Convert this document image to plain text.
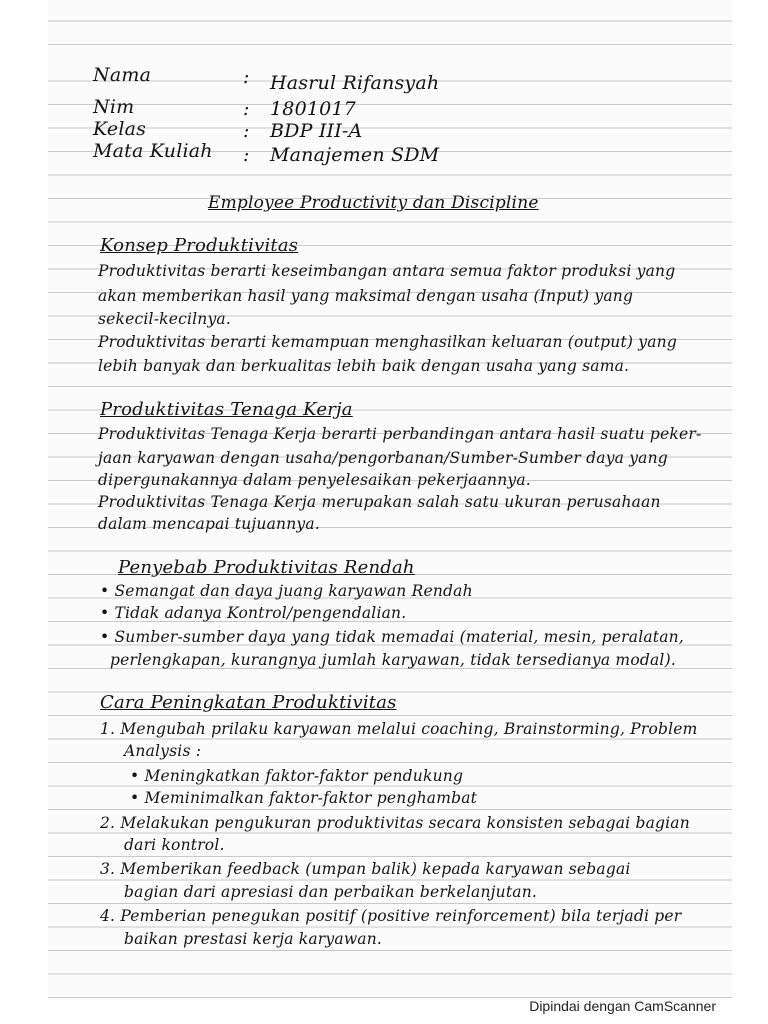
Nama	: Hasrul Rifansyah
Nim	: 1801017
Kelas	: BDP III-A
Mata Kuliah : Manajemen SDM
Employee Productivity dan Discipline
Konsep Produktivitas
Produktivitas berarti keseimbangan antara semua faktor produksi yang
akan memberikan hasil yang maksimal dengan usaha (Input) yang
sekecil-kecilnya.
Produktivitas berarti kemampuan menghasilkan keluaran (output) yang
lebih banyak dan berkualitas lebih baik dengan usaha yang sama.
Produktivitas Tenaga Kerja
Produktivitas Tenaga Kerja berarti perbandingan antara hasil suatu peker-
jaan karyawan dengan usaha/pengorbanan/Sumber-Sumber daya yang
dipergunakannya dalam penyelesaikan pekerjaannya.
Produktivitas Tenaga Kerja merupakan salah satu ukuran perusahaan
dalam mencapai tujuannya.
Penyebab Produktivitas Rendah
• Semangat dan daya juang karyawan Rendah
• Tidak adanya Kontrol/pengendalian.
• Sumber-sumber daya yang tidak memadai (material, mesin, peralatan,
perlengkapan, kurangnya jumlah karyawan, tidak tersedianya modal).
Cara Peningkatan Produktivitas
1. Mengubah prilaku karyawan melalui coaching, Brainstorming, Problem
Analysis :
• Meningkatkan faktor-faktor pendukung
• Meminimalkan faktor-faktor penghambat
2. Melakukan pengukuran produktivitas secara konsisten sebagai bagian
dari kontrol.
3. Memberikan feedback (umpan balik) kepada karyawan sebagai
bagian dari apresiasi dan perbaikan berkelanjutan.
4. Pemberian penegukan positif (positive reinforcement) bila terjadi per
baikan prestasi kerja karyawan.
Dipindai dengan CamScanner
